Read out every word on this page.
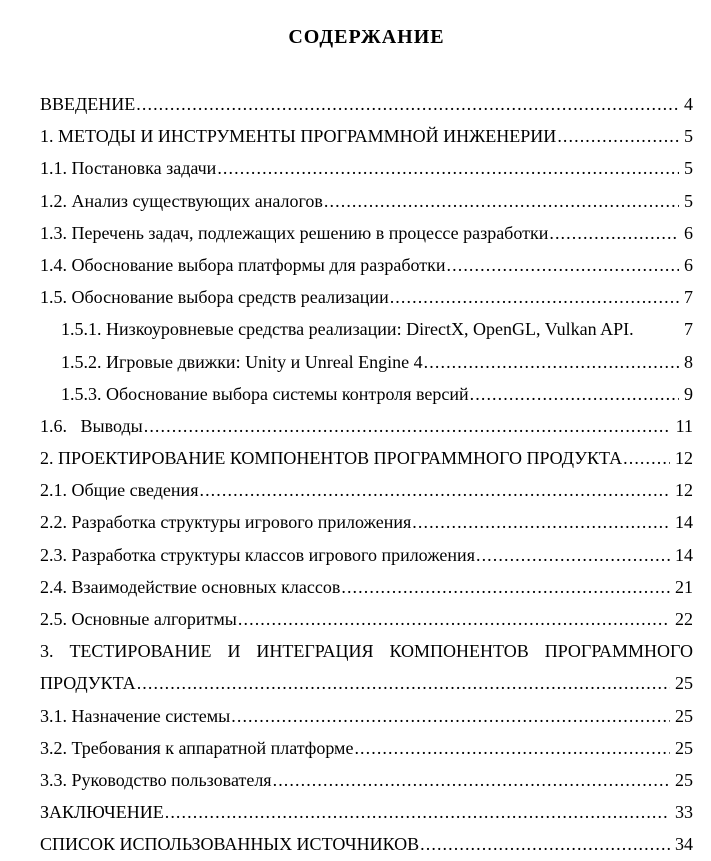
СОДЕРЖАНИЕ
ВВЕДЕНИЕ .....	4
1. МЕТОДЫ И ИНСТРУМЕНТЫ ПРОГРАММНОЙ ИНЖЕНЕРИИ .....	5
1.1. Постановка задачи .....	5
1.2. Анализ существующих аналогов .....	5
1.3. Перечень задач, подлежащих решению в процессе разработки .....	6
1.4. Обоснование выбора платформы для разработки .....	6
1.5. Обоснование выбора средств реализации .....	7
1.5.1. Низкоуровневые средства реализации: DirectX, OpenGL, Vulkan API.	7
1.5.2. Игровые движки: Unity и Unreal Engine 4 .....	8
1.5.3. Обоснование выбора системы контроля версий .....	9
1.6.   Выводы .....	11
2. ПРОЕКТИРОВАНИЕ КОМПОНЕНТОВ ПРОГРАММНОГО ПРОДУКТА .....	12
2.1. Общие сведения .....	12
2.2. Разработка структуры игрового приложения .....	14
2.3. Разработка структуры классов игрового приложения .....	14
2.4. Взаимодействие основных классов .....	21
2.5. Основные алгоритмы .....	22
3. ТЕСТИРОВАНИЕ И ИНТЕГРАЦИЯ КОМПОНЕНТОВ ПРОГРАММНОГО
ПРОДУКТА .....	25
3.1. Назначение системы .....	25
3.2. Требования к аппаратной платформе .....	25
3.3. Руководство пользователя .....	25
ЗАКЛЮЧЕНИЕ .....	33
СПИСОК ИСПОЛЬЗОВАННЫХ ИСТОЧНИКОВ .....	34
